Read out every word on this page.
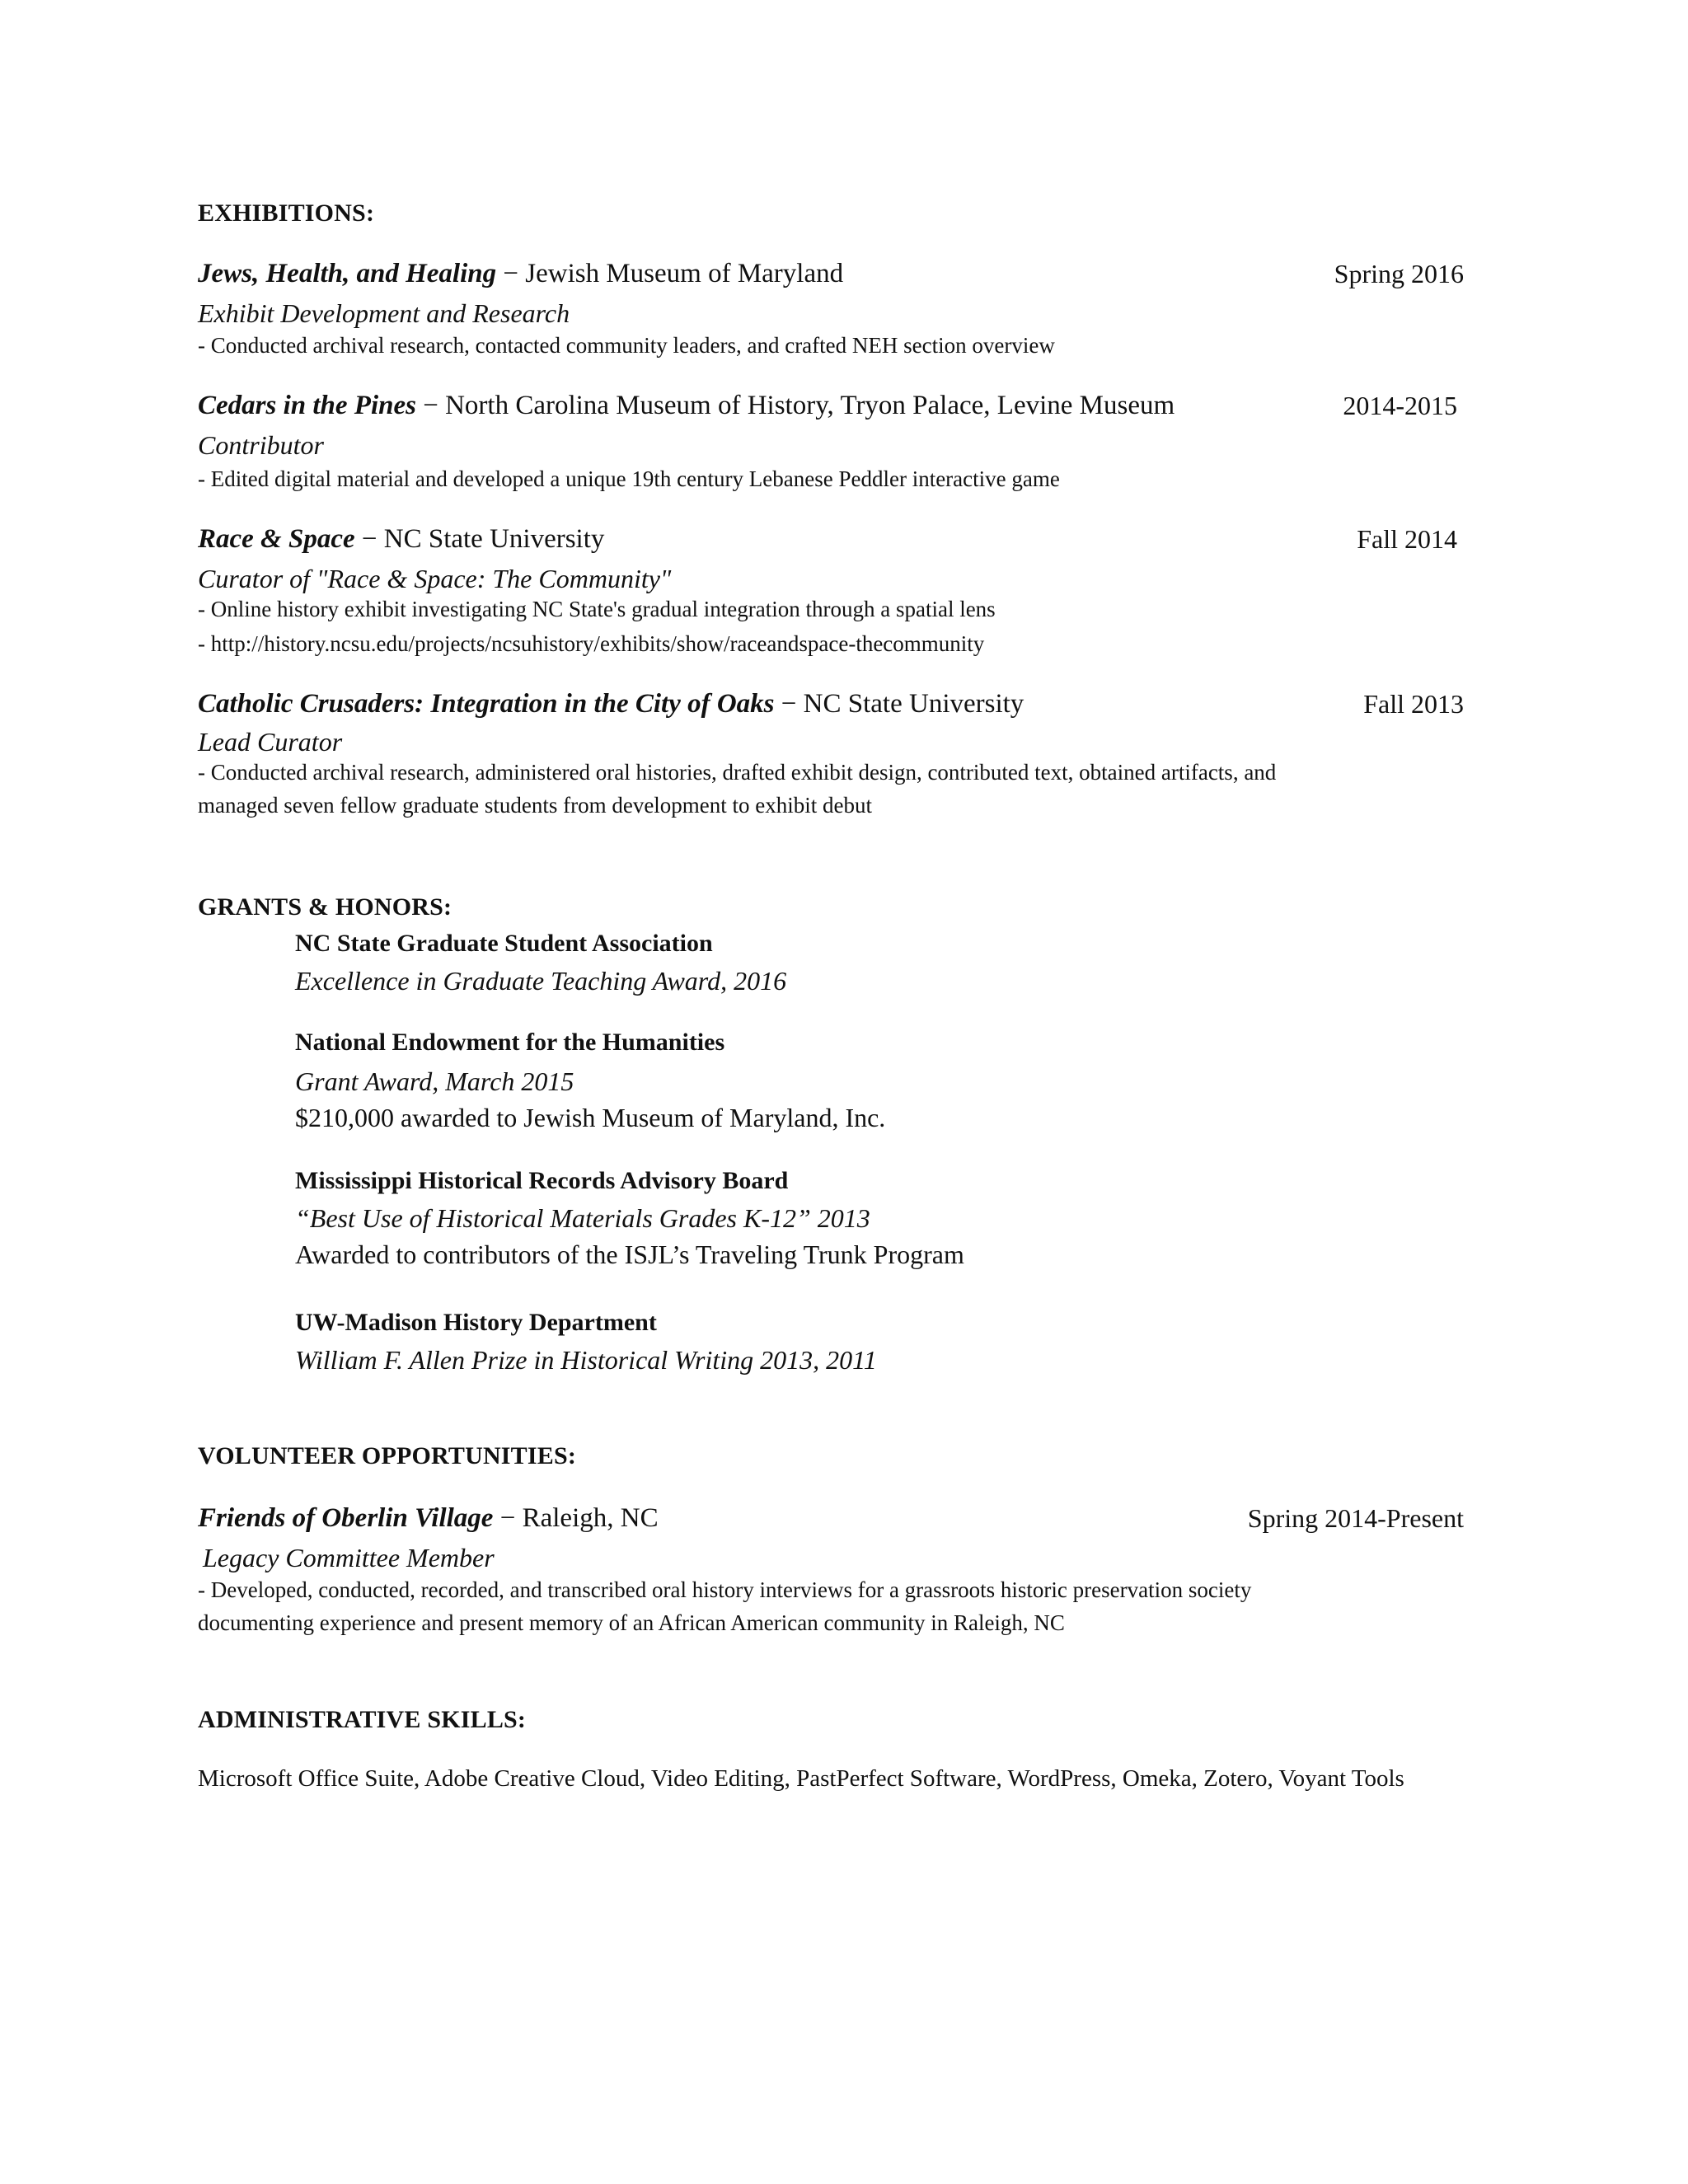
EXHIBITIONS:
Jews, Health, and Healing − Jewish Museum of Maryland	Spring 2016
Exhibit Development and Research
- Conducted archival research, contacted community leaders, and crafted NEH section overview
Cedars in the Pines − North Carolina Museum of History, Tryon Palace, Levine Museum	2014-2015
Contributor
- Edited digital material and developed a unique 19th century Lebanese Peddler interactive game
Race & Space − NC State University	Fall 2014
Curator of "Race & Space: The Community"
- Online history exhibit investigating NC State's gradual integration through a spatial lens
- http://history.ncsu.edu/projects/ncsuhistory/exhibits/show/raceandspace-thecommunity
Catholic Crusaders: Integration in the City of Oaks − NC State University	Fall 2013
Lead Curator
- Conducted archival research, administered oral histories, drafted exhibit design, contributed text, obtained artifacts, and
managed seven fellow graduate students from development to exhibit debut
GRANTS & HONORS:
NC State Graduate Student Association
Excellence in Graduate Teaching Award, 2016
National Endowment for the Humanities
Grant Award, March 2015
$210,000 awarded to Jewish Museum of Maryland, Inc.
Mississippi Historical Records Advisory Board
“Best Use of Historical Materials Grades K-12” 2013
Awarded to contributors of the ISJL’s Traveling Trunk Program
UW-Madison History Department
William F. Allen Prize in Historical Writing 2013, 2011
VOLUNTEER OPPORTUNITIES:
Friends of Oberlin Village − Raleigh, NC	Spring 2014-Present
Legacy Committee Member
- Developed, conducted, recorded, and transcribed oral history interviews for a grassroots historic preservation society
documenting experience and present memory of an African American community in Raleigh, NC
ADMINISTRATIVE SKILLS:
Microsoft Office Suite, Adobe Creative Cloud, Video Editing, PastPerfect Software, WordPress, Omeka, Zotero, Voyant Tools
